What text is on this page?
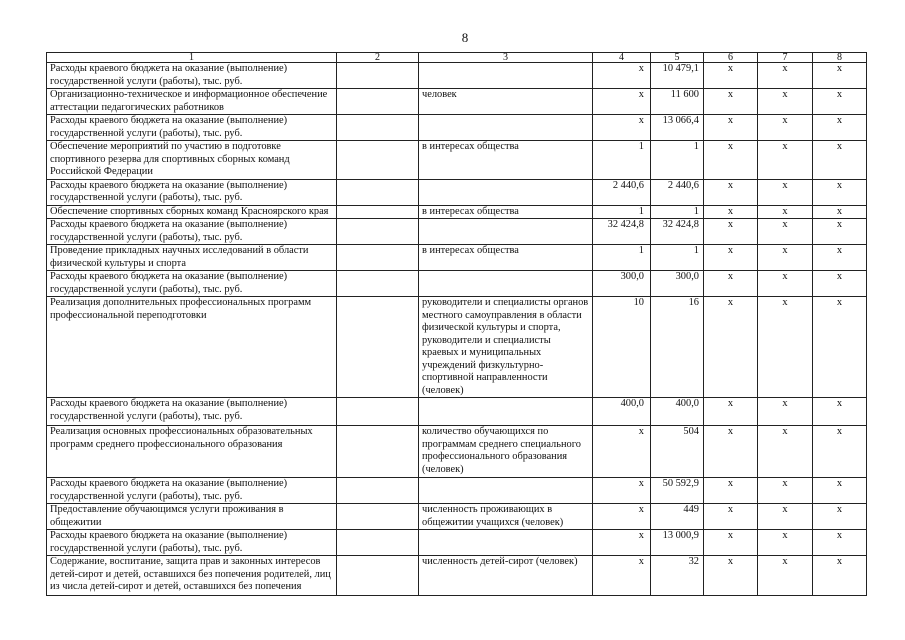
8
1	2	3	4	5	6	7	8
Расходы краевого бюджета на оказание (выполнение) государственной услуги (работы), тыс. руб.			х	10 479,1	х	х	х
Организационно-техническое и информационное обеспечение аттестации педагогических работников		человек	х	11 600	х	х	х
Расходы краевого бюджета на оказание (выполнение) государственной услуги (работы), тыс. руб.			х	13 066,4	х	х	х
Обеспечение мероприятий по участию в подготовке спортивного резерва для спортивных сборных команд Российской Федерации		в интересах общества	1	1	х	х	х
Расходы краевого бюджета на оказание (выполнение) государственной услуги (работы), тыс. руб.			2 440,6	2 440,6	х	х	х
Обеспечение спортивных сборных команд Красноярского края		в интересах общества	1	1	х	х	х
Расходы краевого бюджета на оказание (выполнение) государственной услуги (работы), тыс. руб.			32 424,8	32 424,8	х	х	х
Проведение прикладных научных исследований в области физической культуры и спорта		в интересах общества	1	1	х	х	х
Расходы краевого бюджета на оказание (выполнение) государственной услуги (работы), тыс. руб.			300,0	300,0	х	х	х
Реализация дополнительных профессиональных программ профессиональной переподготовки		руководители и специалисты органов местного самоуправления в области физической культуры и спорта, руководители и специалисты краевых и муниципальных учреждений физкультурно-спортивной направленности (человек)	10	16	х	х	х
Расходы краевого бюджета на оказание (выполнение) государственной услуги (работы), тыс. руб.			400,0	400,0	х	х	х
Реализация основных профессиональных образовательных программ среднего профессионального образования		количество обучающихся по программам среднего специального профессионального образования (человек)	х	504	х	х	х
Расходы краевого бюджета на оказание (выполнение) государственной услуги (работы), тыс. руб.			х	50 592,9	х	х	х
Предоставление обучающимся услуги проживания в общежитии		численность проживающих в общежитии учащихся (человек)	х	449	х	х	х
Расходы краевого бюджета на оказание (выполнение) государственной услуги (работы), тыс. руб.			х	13 000,9	х	х	х
Содержание, воспитание, защита прав и законных интересов детей-сирот и детей, оставшихся без попечения родителей, лиц из числа детей-сирот и детей, оставшихся без попечения		численность детей-сирот (человек)	х	32	х	х	х
